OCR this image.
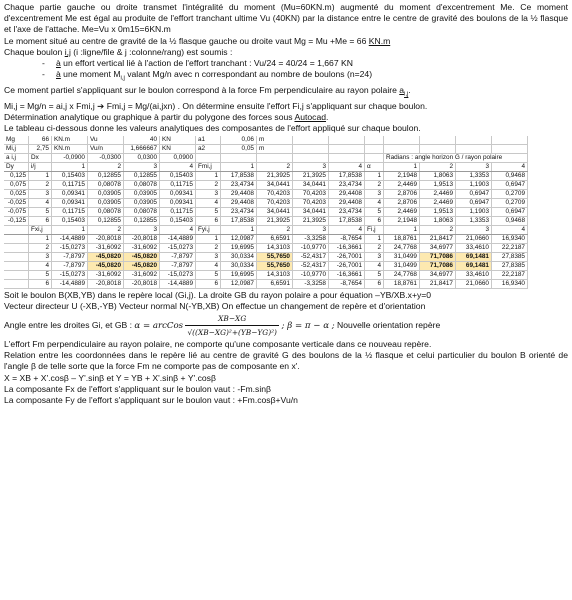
Chaque partie gauche ou droite transmet l'intégralité du moment (Mu=60KN.m) augmenté du moment d'excentrement Me. Ce moment d'excentrement Me est égal au produite de l'effort tranchant ultime Vu (40KN) par la distance entre le centre de gravité des boulons de la ½ flasque et l'axe de l'attache. Me=Vu x 0m15=6KN.m

Le moment situé au centre de gravité de la ½ flasque gauche ou droite vaut Mg = Mu +Me = 66 KN.m

Chaque boulon i,j (i :ligne/file & j :colonne/rang) est soumis :

- à un effort vertical lié à l'action de l'effort tranchant : Vu/24 = 40/24 = 1,667 KN
- à une moment $M_{i,j}$ valant Mg/n avec n correspondant au nombre de boulons (n=24)

Ce moment partiel s'appliquant sur le boulon correspond à la force Fm perpendiculaire au rayon polaire $a_{i,j}$.

Mi,j = Mg/n = ai,j x Fmi,j ➔ Fmi,j = Mg/(ai,jxn) . On détermine ensuite l'effort Fi,j s'appliquant sur chaque boulon.

Détermination analytique ou graphique à partir du polygone des forces sous Autocad.

Le tableau ci-dessous donne les valeurs analytiques des composantes de l'effort appliqué sur chaque boulon.

Mg	66	KN.m	Vu	40	KN	a1	0,06	m							
Mi,j	2,75	KN.m	Vu/n	1,666667	KN	a2	0,05	m							
a i,j	Dx	-0,0900	-0,0300	0,0300	0,0900							Radians : angle horizon G / rayon polaire			
Dy	i/j	1	2	3	4	Fmi,j	1	2	3	4	α	1	2	3	4
0,125	1	0,15403	0,12855	0,12855	0,15403	1	17,8538	21,3925	21,3925	17,8538	1	2,1948	1,8063	1,3353	0,9468
0,075	2	0,11715	0,08078	0,08078	0,11715	2	23,4734	34,0441	34,0441	23,4734	2	2,4469	1,9513	1,1903	0,6947
0,025	3	0,09341	0,03905	0,03905	0,09341	3	29,4408	70,4203	70,4203	29,4408	3	2,8706	2,4469	0,6947	0,2709
-0,025	4	0,09341	0,03905	0,03905	0,09341	4	29,4408	70,4203	70,4203	29,4408	4	2,8706	2,4469	0,6947	0,2709
-0,075	5	0,11715	0,08078	0,08078	0,11715	5	23,4734	34,0441	34,0441	23,4734	5	2,4469	1,9513	1,1903	0,6947
-0,125	6	0,15403	0,12855	0,12855	0,15403	6	17,8538	21,3925	21,3925	17,8538	6	2,1948	1,8063	1,3353	0,9468
	Fxi,j	1	2	3	4	Fyi,j	1	2	3	4	Fi,j	1	2	3	4
	1	-14,4889	-20,8018	-20,8018	-14,4889	1	12,0987	6,6591	-3,3258	-8,7654	1	18,8761	21,8417	21,0660	16,9340
	2	-15,0273	-31,6092	-31,6092	-15,0273	2	19,6995	14,3103	-10,9770	-16,3661	2	24,7768	34,6977	33,4610	22,2187
	3	-7,8797	-45,0820	-45,0820	-7,8797	3	30,0334	55,7650	-52,4317	-26,7001	3	31,0499	71,7086	69,1481	27,8385
	4	-7,8797	-45,0820	-45,0820	-7,8797	4	30,0334	55,7650	-52,4317	-26,7001	4	31,0499	71,7086	69,1481	27,8385
	5	-15,0273	-31,6092	-31,6092	-15,0273	5	19,6995	14,3103	-10,9770	-16,3661	5	24,7768	34,6977	33,4610	22,2187
	6	-14,4889	-20,8018	-20,8018	-14,4889	6	12,0987	6,6591	-3,3258	-8,7654	6	18,8761	21,8417	21,0660	16,9340

Soit le boulon B(XB,YB) dans le repère local (Gi,j). La droite GB du rayon polaire a pour équation –YB/XB.x+y=0

Vecteur directeur U (-XB,-YB) Vecteur normal N(-YB,XB) On effectue un changement de repère et d'orientation

Angle entre les droites Gi, et GB : α = arcCos $\frac{XB-XG}{\text{√((XB−XG)²+(YB−YG)²)}}$ ; β = π − α ; Nouvelle orientation repère

L'effort Fm perpendiculaire au rayon polaire, ne comporte qu'une composante verticale dans ce nouveau repère.

Relation entre les coordonnées dans le repère lié au centre de gravité G des boulons de la ½ flasque et celui particulier du boulon B orienté de l'angle β de telle sorte que la force Fm ne comporte pas de composante en x'.

X = XB + X'.cosβ – Y'.sinβ et Y = YB + X'.sinβ + Y'.cosβ

La composante Fx de l'effort s'appliquant sur le boulon vaut : -Fm.sinβ

La composante Fy de l'effort s'appliquant sur le boulon vaut : +Fm.cosβ+Vu/n
